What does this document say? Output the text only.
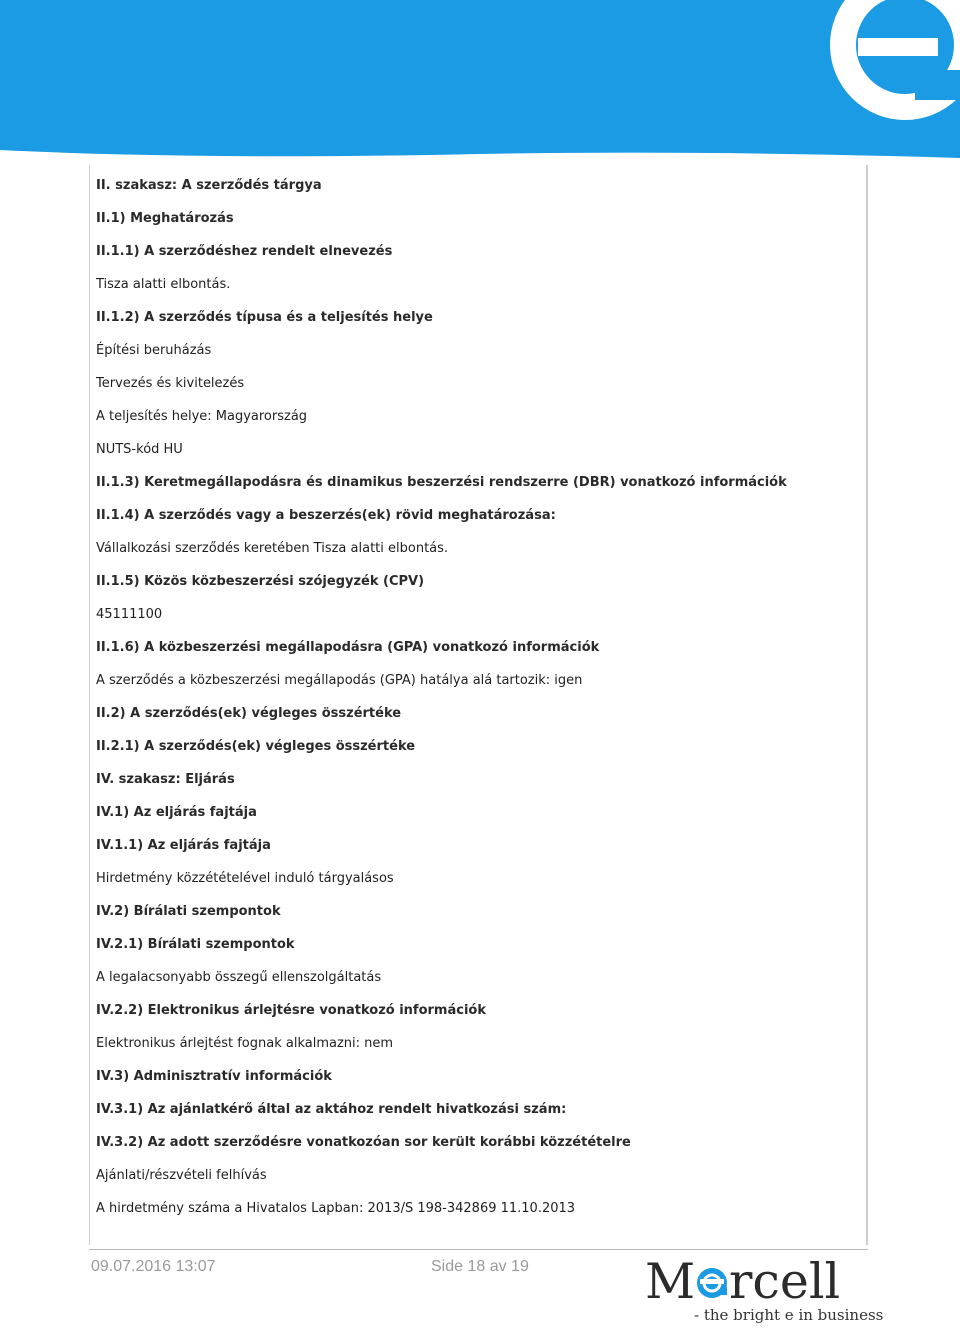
II. szakasz: A szerződés tárgya
II.1) Meghatározás
II.1.1) A szerződéshez rendelt elnevezés
Tisza alatti elbontás.
II.1.2) A szerződés típusa és a teljesítés helye
Építési beruházás
Tervezés és kivitelezés
A teljesítés helye: Magyarország
NUTS-kód HU
II.1.3) Keretmegállapodásra és dinamikus beszerzési rendszerre (DBR) vonatkozó információk
II.1.4) A szerződés vagy a beszerzés(ek) rövid meghatározása:
Vállalkozási szerződés keretében Tisza alatti elbontás.
II.1.5) Közös közbeszerzési szójegyzék (CPV)
45111100
II.1.6) A közbeszerzési megállapodásra (GPA) vonatkozó információk
A szerződés a közbeszerzési megállapodás (GPA) hatálya alá tartozik: igen
II.2) A szerződés(ek) végleges összértéke
II.2.1) A szerződés(ek) végleges összértéke
IV. szakasz: Eljárás
IV.1) Az eljárás fajtája
IV.1.1) Az eljárás fajtája
Hirdetmény közzétételével induló tárgyalásos
IV.2) Bírálati szempontok
IV.2.1) Bírálati szempontok
A legalacsonyabb összegű ellenszolgáltatás
IV.2.2) Elektronikus árlejtésre vonatkozó információk
Elektronikus árlejtést fognak alkalmazni: nem
IV.3) Adminisztratív információk
IV.3.1) Az ajánlatkérő által az aktához rendelt hivatkozási szám:
IV.3.2) Az adott szerződésre vonatkozóan sor került korábbi közzétételre
Ajánlati/részvételi felhívás
A hirdetmény száma a Hivatalos Lapban: 2013/S 198-342869 11.10.2013
09.07.2016 13:07	Side 18 av 19 M rcell
- the bright e in business
